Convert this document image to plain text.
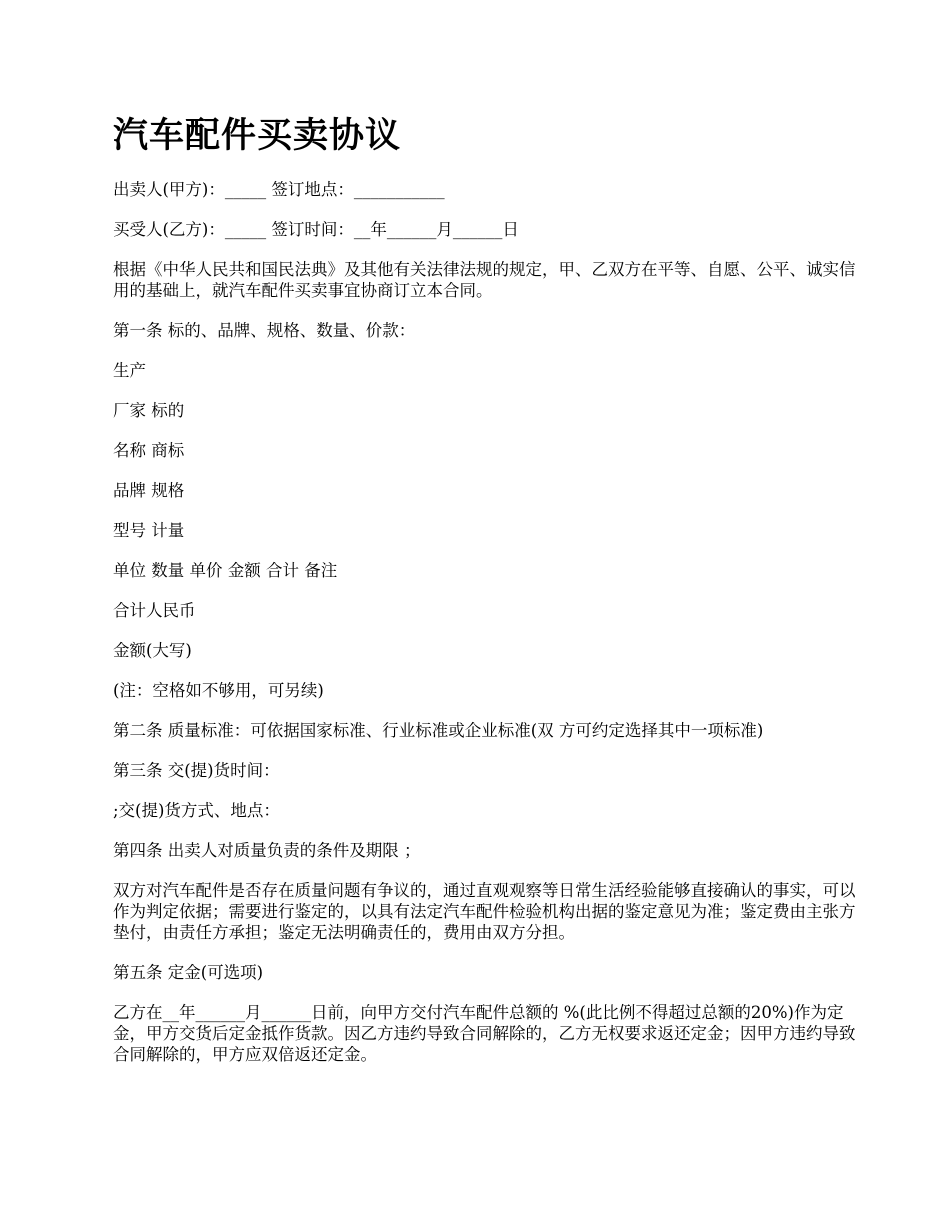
汽车配件买卖协议

出卖人(甲方)：_____ 签订地点：___________

买受人(乙方)：_____ 签订时间：__年______月______日

根据《中华人民共和国民法典》及其他有关法律法规的规定，甲、乙双方在平等、自愿、公平、诚实信用的基础上，就汽车配件买卖事宜协商订立本合同。

第一条 标的、品牌、规格、数量、价款：

生产

厂家 标的

名称 商标

品牌 规格

型号 计量

单位 数量 单价 金额 合计 备注

合计人民币

金额(大写)

(注：空格如不够用，可另续)

第二条 质量标准：可依据国家标准、行业标准或企业标准(双 方可约定选择其中一项标准)

第三条 交(提)货时间：

;交(提)货方式、地点：

第四条 出卖人对质量负责的条件及期限 ；

双方对汽车配件是否存在质量问题有争议的，通过直观观察等日常生活经验能够直接确认的事实，可以作为判定依据；需要进行鉴定的，以具有法定汽车配件检验机构出据的鉴定意见为准；鉴定费由主张方垫付，由责任方承担；鉴定无法明确责任的，费用由双方分担。

第五条 定金(可选项)

乙方在__年______月______日前，向甲方交付汽车配件总额的 %(此比例不得超过总额的20%)作为定金，甲方交货后定金抵作货款。因乙方违约导致合同解除的，乙方无权要求返还定金；因甲方违约导致合同解除的，甲方应双倍返还定金。
